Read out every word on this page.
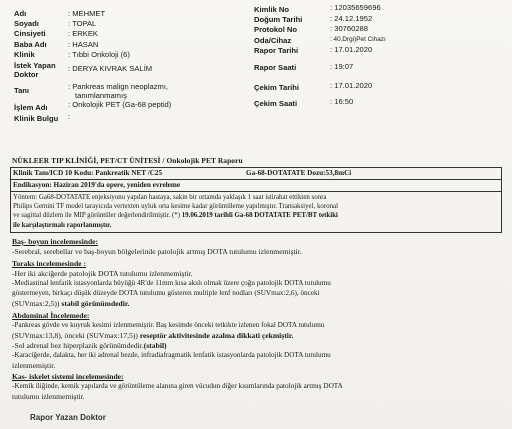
Adı	: MEHMET
Soyadı	: TOPAL
Cinsiyeti	: ERKEK
Baba Adı	: HASAN
Klinik	: Tıbbi Onkoloji (6)
İstek Yapan
Doktor
: DERYA KIVRAK SALİM
Tanı	: Pankreas malign neoplazmı,
tanımlanmamış
İşlem Adı	: Onkolojik PET (Ga-68 peptid)
Klinik Bulgu :
Kimlik No	: 12035659696
Doğum Tarihi	: 24.12.1952
Protokol No	: 30760288
Oda/Cihaz	: 40.Drgi)Pet Cihazı
Rapor Tarihi	: 17.01.2020
Rapor Saati	: 19:07
Çekim Tarihi	: 17.01.2020
Çekim Saati	: 16:50
NÜKLEER TIP KLİNİĞİ, PET/CT ÜNİTESİ / Onkolojik PET Raporu
Klinik Tanı/ICD 10 Kodu: Pankreatik NET /C25	Ga-68-DOTATATE Dozu:53,8mCi
Endikasyon: Haziran 2019'da opere, yeniden evreleme
Yöntem: Ga68-DOTATATE enjeksiyonu yapılan hastaya, sakin bir ortamda yaklaşık 1 saat istirahat ettikten sonra
Philips Gemini TF model tarayıcıda vertexten uyluk orta kesime kadar görüntüleme yapılmıştır. Transaksiyel, koronal
ve sagittal düzlem ile MIP görüntüler değerlendirilmiştir. (*) 19.06.2019 tarihli Ga-68 DOTATATE PET/BT tetkiki
ile karşılaştırmalı raporlanmıştır.
Baş- boyun incelemesinde:
-Serebral, serebellar ve baş-boyun bölgelerinde patolojik artmış DOTA tutulumu izlenmemiştir.
Toraks incelemesinde :
-Her iki akciğerde patolojik DOTA tutulumu izlenmemiştir.
-Mediastinal lenfatik istasyonlarda büyüğü 4R'de 11mm kısa akslı olmak üzere çoğu patolojik DOTA tutulumu
göstermeyen, birkaçı düşük düzeyde DOTA tutulumu gösteren multiple lenf nodları (SUVmax:2,6), önceki
(SUVmax:2,5)) stabil görünümdedir.
Abdominal İncelemede:
-Pankreas gövde ve kuyruk kesimi izlenmemiştir. Baş kesimde önceki tetkikte izlenen fokal DOTA tutulumu
(SUVmax:13,8), önceki (SUVmax:17,5)) reseptör aktivitesinde azalma dikkati çekmiştir.
-Sol adrenal bez hiperplazik görünümdedir.(stabil)
-Karaciğerde, dalakta, her iki adrenal bezde, infradiafragmatik lenfatik istasyonlarda patolojik DOTA tutulumu
izlenmemiştir.
Kas- iskelet sistemi incelemesinde:
-Kemik iliğinde, kemik yapılarda ve görüntüleme alanına giren vücudun diğer kısımlarında patolojik artmış DOTA
tutulumu izlenmemiştir.
Rapor Yazan Doktor
